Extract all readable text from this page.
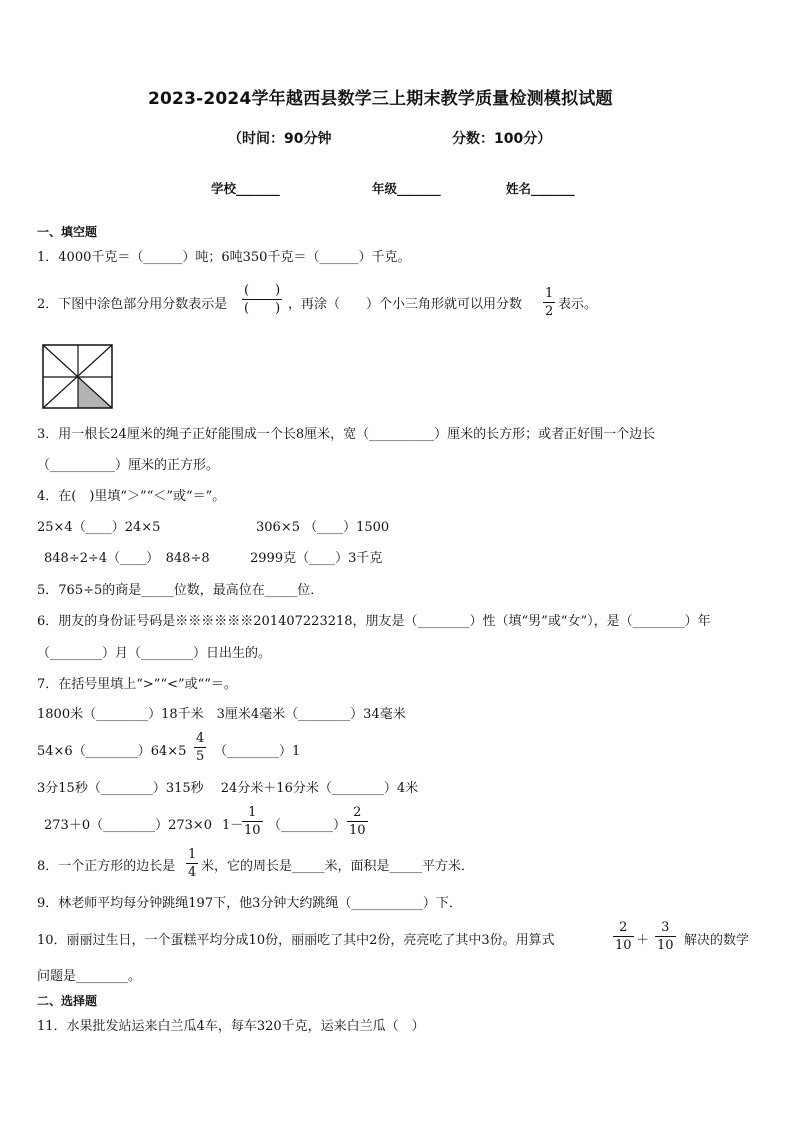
2023-2024学年越西县数学三上期末教学质量检测模拟试题
（时间：90分钟	分数：100分）
学校_______	年级_______	姓名_______
一、填空题
1．4000千克＝（______）吨；6吨350千克＝（______）千克。
2．下图中涂色部分用分数表示是
(　　)
(　　) ，再涂（　　）个小三角形就可以用分数
1
2 表示。
3．用一根长24厘米的绳子正好能围成一个长8厘米，宽（__________）厘米的长方形；或者正好围一个边长
（__________）厘米的正方形。
4．在(　)里填“＞”“＜”或“＝”。
25×4（____）24×5	306×5 （____）1500
848÷2÷4（____）　848÷8	2999克（____）3千克
5．765÷5的商是_____位数，最高位在_____位．
6．朋友的身份证号码是※※※※※※201407223218，朋友是（________）性（填“男”或“女”），是（________）年
（________）月（________）日出生的。
7．在括号里填上“>”“<”或“”＝。
1800米（________）18千米　3厘米4毫米（________）34毫米
54×6（________）64×5
4
5 （________）1
3分15秒（________）315秒　 24分米＋16分米（________）4米
273＋0（________）273×0 1－
1
10 （________）
2
10
8．一个正方形的边长是
1
4 米，它的周长是_____米，面积是_____平方米．
9．林老师平均每分钟跳绳197下，他3分钟大约跳绳（___________）下．
10．丽丽过生日，一个蛋糕平均分成10份，丽丽吃了其中2份，亮亮吃了其中3份。用算式
2
10 ＋
3
10 解决的数学
问题是________。
二、选择题
11．水果批发站运来白兰瓜4车，每车320千克，运来白兰瓜（　）
